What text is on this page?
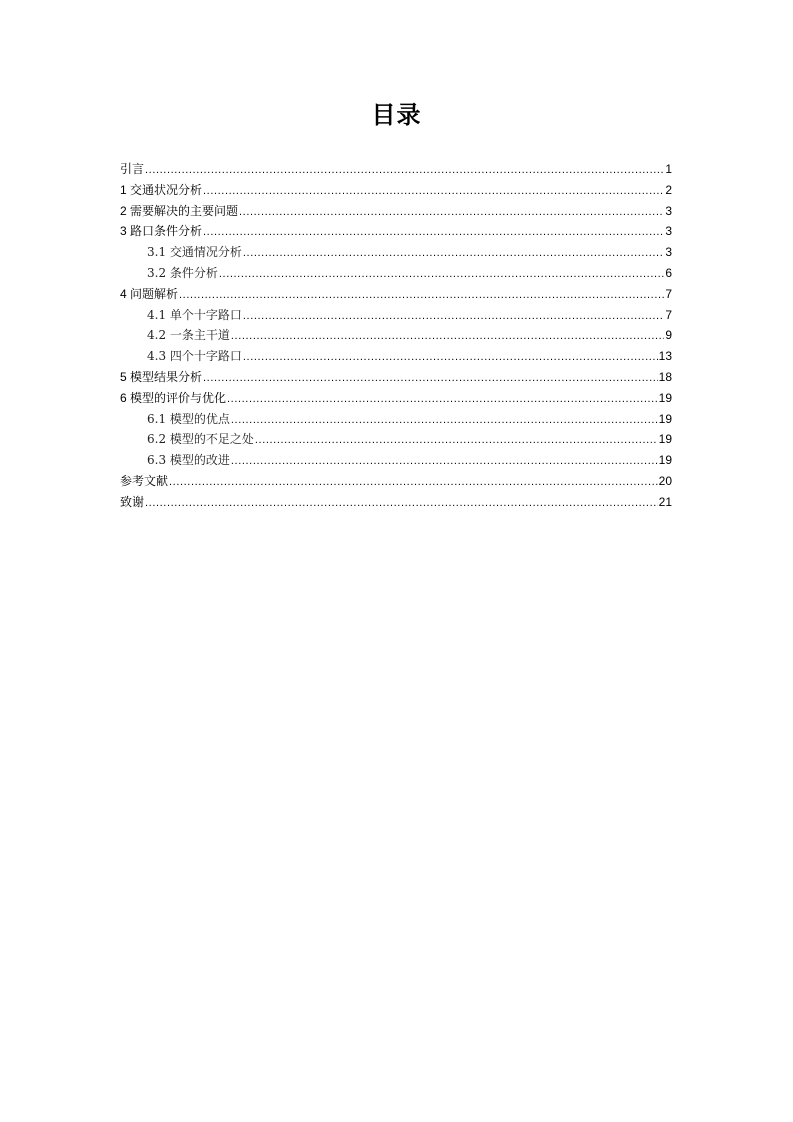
目录
引言 .....	1
1 交通状况分析 .....	2
2 需要解决的主要问题 .....	3
3 路口条件分析 .....	3
3.1 交通情况分析 .....	3
3.2 条件分析 .....	6
4 问题解析 .....	7
4.1 单个十字路口 .....	7
4.2 一条主干道 .....	9
4.3 四个十字路口 .....	13
5 模型结果分析 .....	18
6 模型的评价与优化 .....	19
6.1 模型的优点 .....	19
6.2 模型的不足之处 .....	19
6.3 模型的改进 .....	19
参考文献 .....	20
致谢 .....	21
